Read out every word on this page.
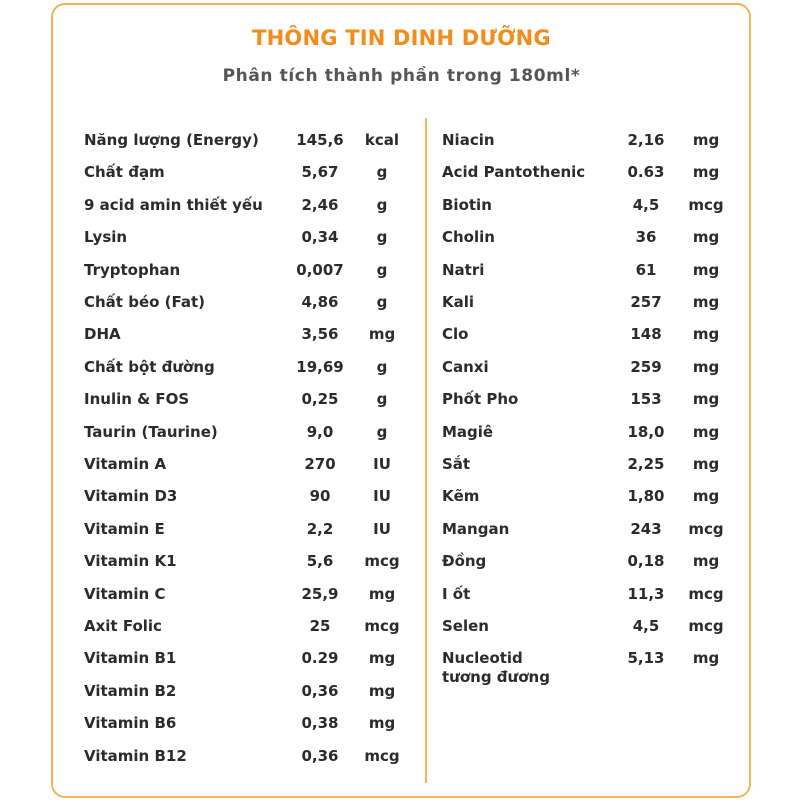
THÔNG TIN DINH DƯỠNG
Phân tích thành phần trong 180ml*
Năng lượng (Energy)	145,6	kcal
Chất đạm	5,67	g
9 acid amin thiết yếu	2,46	g
Lysin	0,34	g
Tryptophan	0,007	g
Chất béo (Fat)	4,86	g
DHA	3,56	mg
Chất bột đường	19,69	g
Inulin & FOS	0,25	g
Taurin (Taurine)	9,0	g
Vitamin A	270	IU
Vitamin D3	90	IU
Vitamin E	2,2	IU
Vitamin K1	5,6	mcg
Vitamin C	25,9	mg
Axit Folic	25	mcg
Vitamin B1	0.29	mg
Vitamin B2	0,36	mg
Vitamin B6	0,38	mg
Vitamin B12	0,36	mcg
Niacin	2,16	mg
Acid Pantothenic	0.63	mg
Biotin	4,5	mcg
Cholin	36	mg
Natri	61	mg
Kali	257	mg
Clo	148	mg
Canxi	259	mg
Phốt Pho	153	mg
Magiê	18,0	mg
Sắt	2,25	mg
Kẽm	1,80	mg
Mangan	243	mcg
Đồng	0,18	mg
I ốt	11,3	mcg
Selen	4,5	mcg
Nucleotid
tương đương
5,13	mg
